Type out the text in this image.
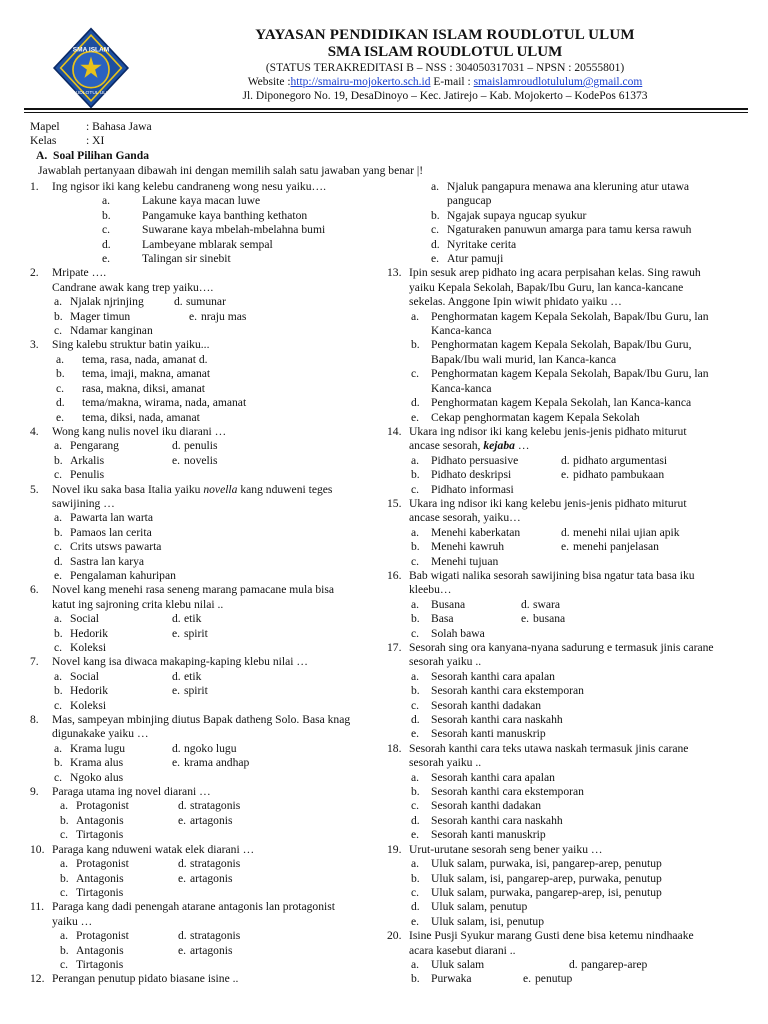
SMA ISLAM
ROUDLOTUL ULUM
YAYASAN PENDIDIKAN ISLAM ROUDLOTUL ULUM
SMA ISLAM ROUDLOTUL ULUM
(STATUS TERAKREDITASI B – NSS : 304050317031 – NPSN : 20555801)
Website :http://smairu-mojokerto.sch.id E-mail : smaislamroudlotululum@gmail.com
Jl. Diponegoro No. 19, DesaDinoyo – Kec. Jatirejo – Kab. Mojokerto – KodePos 61373
Mapel	: Bahasa Jawa
Kelas	: XI
A. Soal Pilihan Ganda
Jawablah pertanyaan dibawah ini dengan memilih salah satu jawaban yang benar |!
1.	Ing ngisor iki kang kelebu candraneng wong nesu yaiku….
a.	Lakune kaya macan luwe
b.	Pangamuke kaya banthing kethaton
c.	Suwarane kaya mbelah-mbelahna bumi
d.	Lambeyane mblarak sempal
e.	Talingan sir sinebit
2.	Mripate ….
Candrane awak kang trep yaiku….
a. Njalak njrinjing	d. sumunar
b. Mager timun	e. nraju mas
c. Ndamar kanginan
3.	Sing kalebu struktur batin yaiku...
a.	tema, rasa, nada, amanat d.
b.	tema, imaji, makna, amanat
c.	rasa, makna, diksi, amanat
d.	tema/makna, wirama, nada, amanat
e.	tema, diksi, nada, amanat
4.	Wong kang nulis novel iku diarani …
a. Pengarang	d. penulis
b. Arkalis	e. novelis
c. Penulis
5.	Novel iku saka basa Italia yaiku novella kang nduweni teges
sawijining …
a. Pawarta lan warta
b. Pamaos lan cerita
c. Crits utsws pawarta
d. Sastra lan karya
e. Pengalaman kahuripan
6.	Novel kang menehi rasa seneng marang pamacane mula bisa
katut ing sajroning crita klebu nilai ..
a. Social	d. etik
b. Hedorik	e. spirit
c. Koleksi
7.	Novel kang isa diwaca makaping-kaping klebu nilai …
a. Social	d. etik
b. Hedorik	e. spirit
c. Koleksi
8.	Mas, sampeyan mbinjing diutus Bapak datheng Solo. Basa knag
digunakake yaiku …
a. Krama lugu	d. ngoko lugu
b. Krama alus	e. krama andhap
c. Ngoko alus
9.	Paraga utama ing novel diarani …
a. Protagonist	d. stratagonis
b. Antagonis	e. artagonis
c. Tirtagonis
10. Paraga kang nduweni watak elek diarani …
a. Protagonist	d. stratagonis
b. Antagonis	e. artagonis
c. Tirtagonis
11. Paraga kang dadi penengah atarane antagonis lan protagonist
yaiku …
a. Protagonist	d. stratagonis
b. Antagonis	e. artagonis
c. Tirtagonis
12. Perangan penutup pidato biasane isine ..
a. Njaluk pangapura menawa ana kleruning atur utawa
pangucap
b. Ngajak supaya ngucap syukur
c. Ngaturaken panuwun amarga para tamu kersa rawuh
d. Nyritake cerita
e. Atur pamuji
13. Ipin sesuk arep pidhato ing acara perpisahan kelas. Sing rawuh
yaiku Kepala Sekolah, Bapak/Ibu Guru, lan kanca-kancane
sekelas. Anggone Ipin wiwit phidato yaiku …
a.	Penghormatan kagem Kepala Sekolah, Bapak/Ibu Guru, lan
Kanca-kanca
b. Penghormatan kagem Kepala Sekolah, Bapak/Ibu Guru,
Bapak/Ibu wali murid, lan Kanca-kanca
c.	Penghormatan kagem Kepala Sekolah, Bapak/Ibu Guru, lan
Kanca-kanca
d. Penghormatan kagem Kepala Sekolah, lan Kanca-kanca
e.	Cekap penghormatan kagem Kepala Sekolah
14. Ukara ing ndisor iki kang kelebu jenis-jenis pidhato miturut
ancase sesorah, kejaba …
a.	Pidhato persuasive	d. pidhato argumentasi
b. Pidhato deskripsi	e. pidhato pambukaan
c.	Pidhato informasi
15. Ukara ing ndisor iki kang kelebu jenis-jenis pidhato miturut
ancase sesorah, yaiku…
a.	Menehi kaberkatan	d. menehi nilai ujian apik
b. Menehi kawruh	e. menehi panjelasan
c.	Menehi tujuan
16. Bab wigati nalika sesorah sawijining bisa ngatur tata basa iku
kleebu…
a.	Busana	d. swara
b. Basa	e. busana
c.	Solah bawa
17. Sesorah sing ora kanyana-nyana sadurung e termasuk jinis carane
sesorah yaiku ..
a.	Sesorah kanthi cara apalan
b. Sesorah kanthi cara ekstemporan
c.	Sesorah kanthi dadakan
d. Sesorah kanthi cara naskahh
e.	Sesorah kanti manuskrip
18. Sesorah kanthi cara teks utawa naskah termasuk jinis carane
sesorah yaiku ..
a.	Sesorah kanthi cara apalan
b. Sesorah kanthi cara ekstemporan
c.	Sesorah kanthi dadakan
d. Sesorah kanthi cara naskahh
e.	Sesorah kanti manuskrip
19. Urut-urutane sesorah seng bener yaiku …
a.	Uluk salam, purwaka, isi, pangarep-arep, penutup
b. Uluk salam, isi, pangarep-arep, purwaka, penutup
c.	Uluk salam, purwaka, pangarep-arep, isi, penutup
d. Uluk salam, penutup
e.	Uluk salam, isi, penutup
20. Isine Pusji Syukur marang Gusti dene bisa ketemu nindhaake
acara kasebut diarani ..
a.	Uluk salam	d. pangarep-arep
b. Purwaka	e. penutup
